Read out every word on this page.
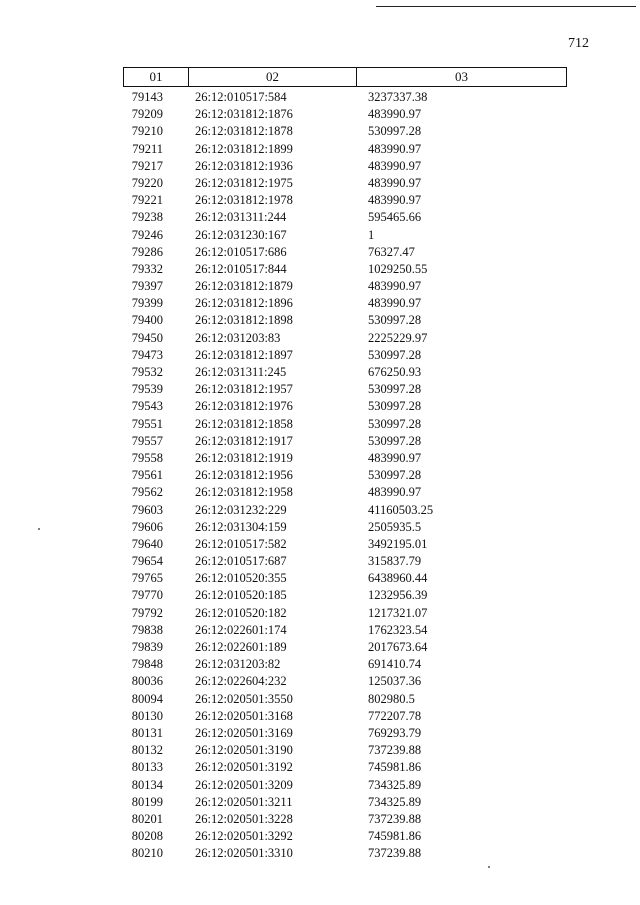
712
01	02	03
79143	26:12:010517:584	3237337.38
79209	26:12:031812:1876	483990.97
79210	26:12:031812:1878	530997.28
79211	26:12:031812:1899	483990.97
79217	26:12:031812:1936	483990.97
79220	26:12:031812:1975	483990.97
79221	26:12:031812:1978	483990.97
79238	26:12:031311:244	595465.66
79246	26:12:031230:167	1
79286	26:12:010517:686	76327.47
79332	26:12:010517:844	1029250.55
79397	26:12:031812:1879	483990.97
79399	26:12:031812:1896	483990.97
79400	26:12:031812:1898	530997.28
79450	26:12:031203:83	2225229.97
79473	26:12:031812:1897	530997.28
79532	26:12:031311:245	676250.93
79539	26:12:031812:1957	530997.28
79543	26:12:031812:1976	530997.28
79551	26:12:031812:1858	530997.28
79557	26:12:031812:1917	530997.28
79558	26:12:031812:1919	483990.97
79561	26:12:031812:1956	530997.28
79562	26:12:031812:1958	483990.97
79603	26:12:031232:229	41160503.25
79606	26:12:031304:159	2505935.5
79640	26:12:010517:582	3492195.01
79654	26:12:010517:687	315837.79
79765	26:12:010520:355	6438960.44
79770	26:12:010520:185	1232956.39
79792	26:12:010520:182	1217321.07
79838	26:12:022601:174	1762323.54
79839	26:12:022601:189	2017673.64
79848	26:12:031203:82	691410.74
80036	26:12:022604:232	125037.36
80094	26:12:020501:3550	802980.5
80130	26:12:020501:3168	772207.78
80131	26:12:020501:3169	769293.79
80132	26:12:020501:3190	737239.88
80133	26:12:020501:3192	745981.86
80134	26:12:020501:3209	734325.89
80199	26:12:020501:3211	734325.89
80201	26:12:020501:3228	737239.88
80208	26:12:020501:3292	745981.86
80210	26:12:020501:3310	737239.88
